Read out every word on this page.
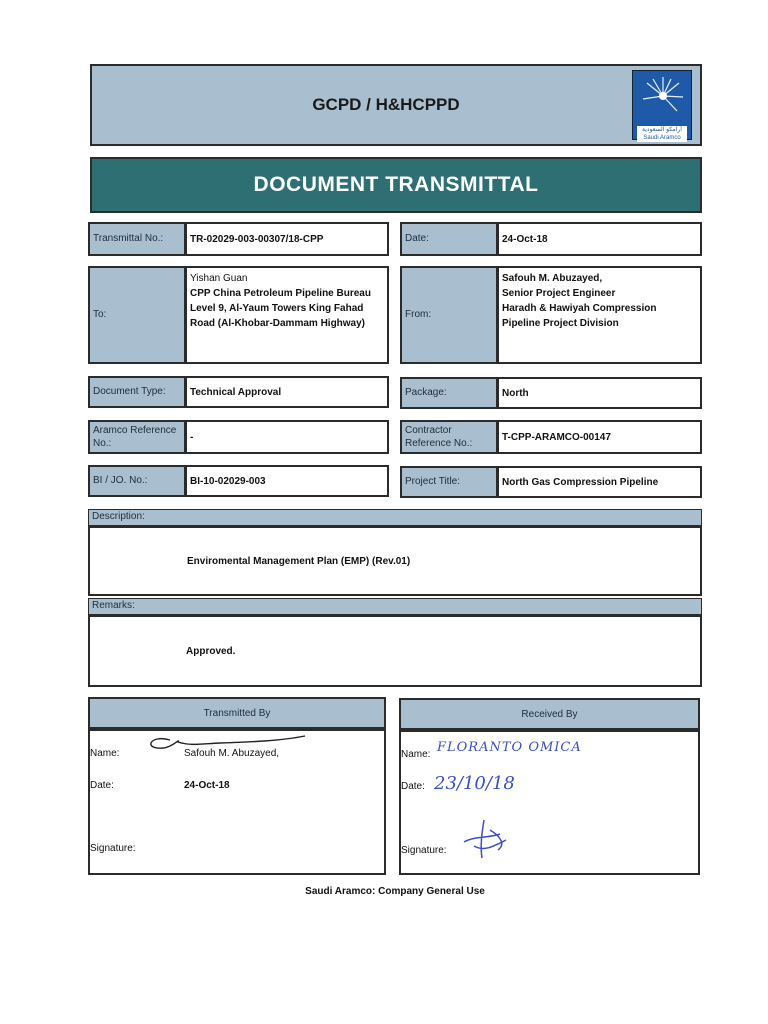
GCPD / H&HCPPD
أرامكو السعودية
Saudi Aramco
DOCUMENT TRANSMITTAL
Transmittal No.:	TR-02029-003-00307/18-CPP	Date:	24-Oct-18
To:
Yishan Guan
CPP China Petroleum Pipeline Bureau
Level 9, Al-Yaum Towers King Fahad
Road (Al-Khobar-Dammam Highway)
From:
Safouh M. Abuzayed,
Senior Project Engineer
Haradh & Hawiyah Compression
Pipeline Project Division
Document Type:	Technical Approval	Package:	North
Aramco Reference No.:
-
Contractor Reference No.:
T-CPP-ARAMCO-00147
BI / JO. No.:	BI-10-02029-003	Project Title:	North Gas Compression Pipeline
Description:
Enviromental Management Plan (EMP) (Rev.01)
Remarks:
Approved.
Transmitted By
Name:	Safouh M. Abuzayed,
Date:	24-Oct-18
Signature:
Received By
Name: FLORANTO OMICA
Date: 23/10/18
Signature:
Saudi Aramco: Company General Use
